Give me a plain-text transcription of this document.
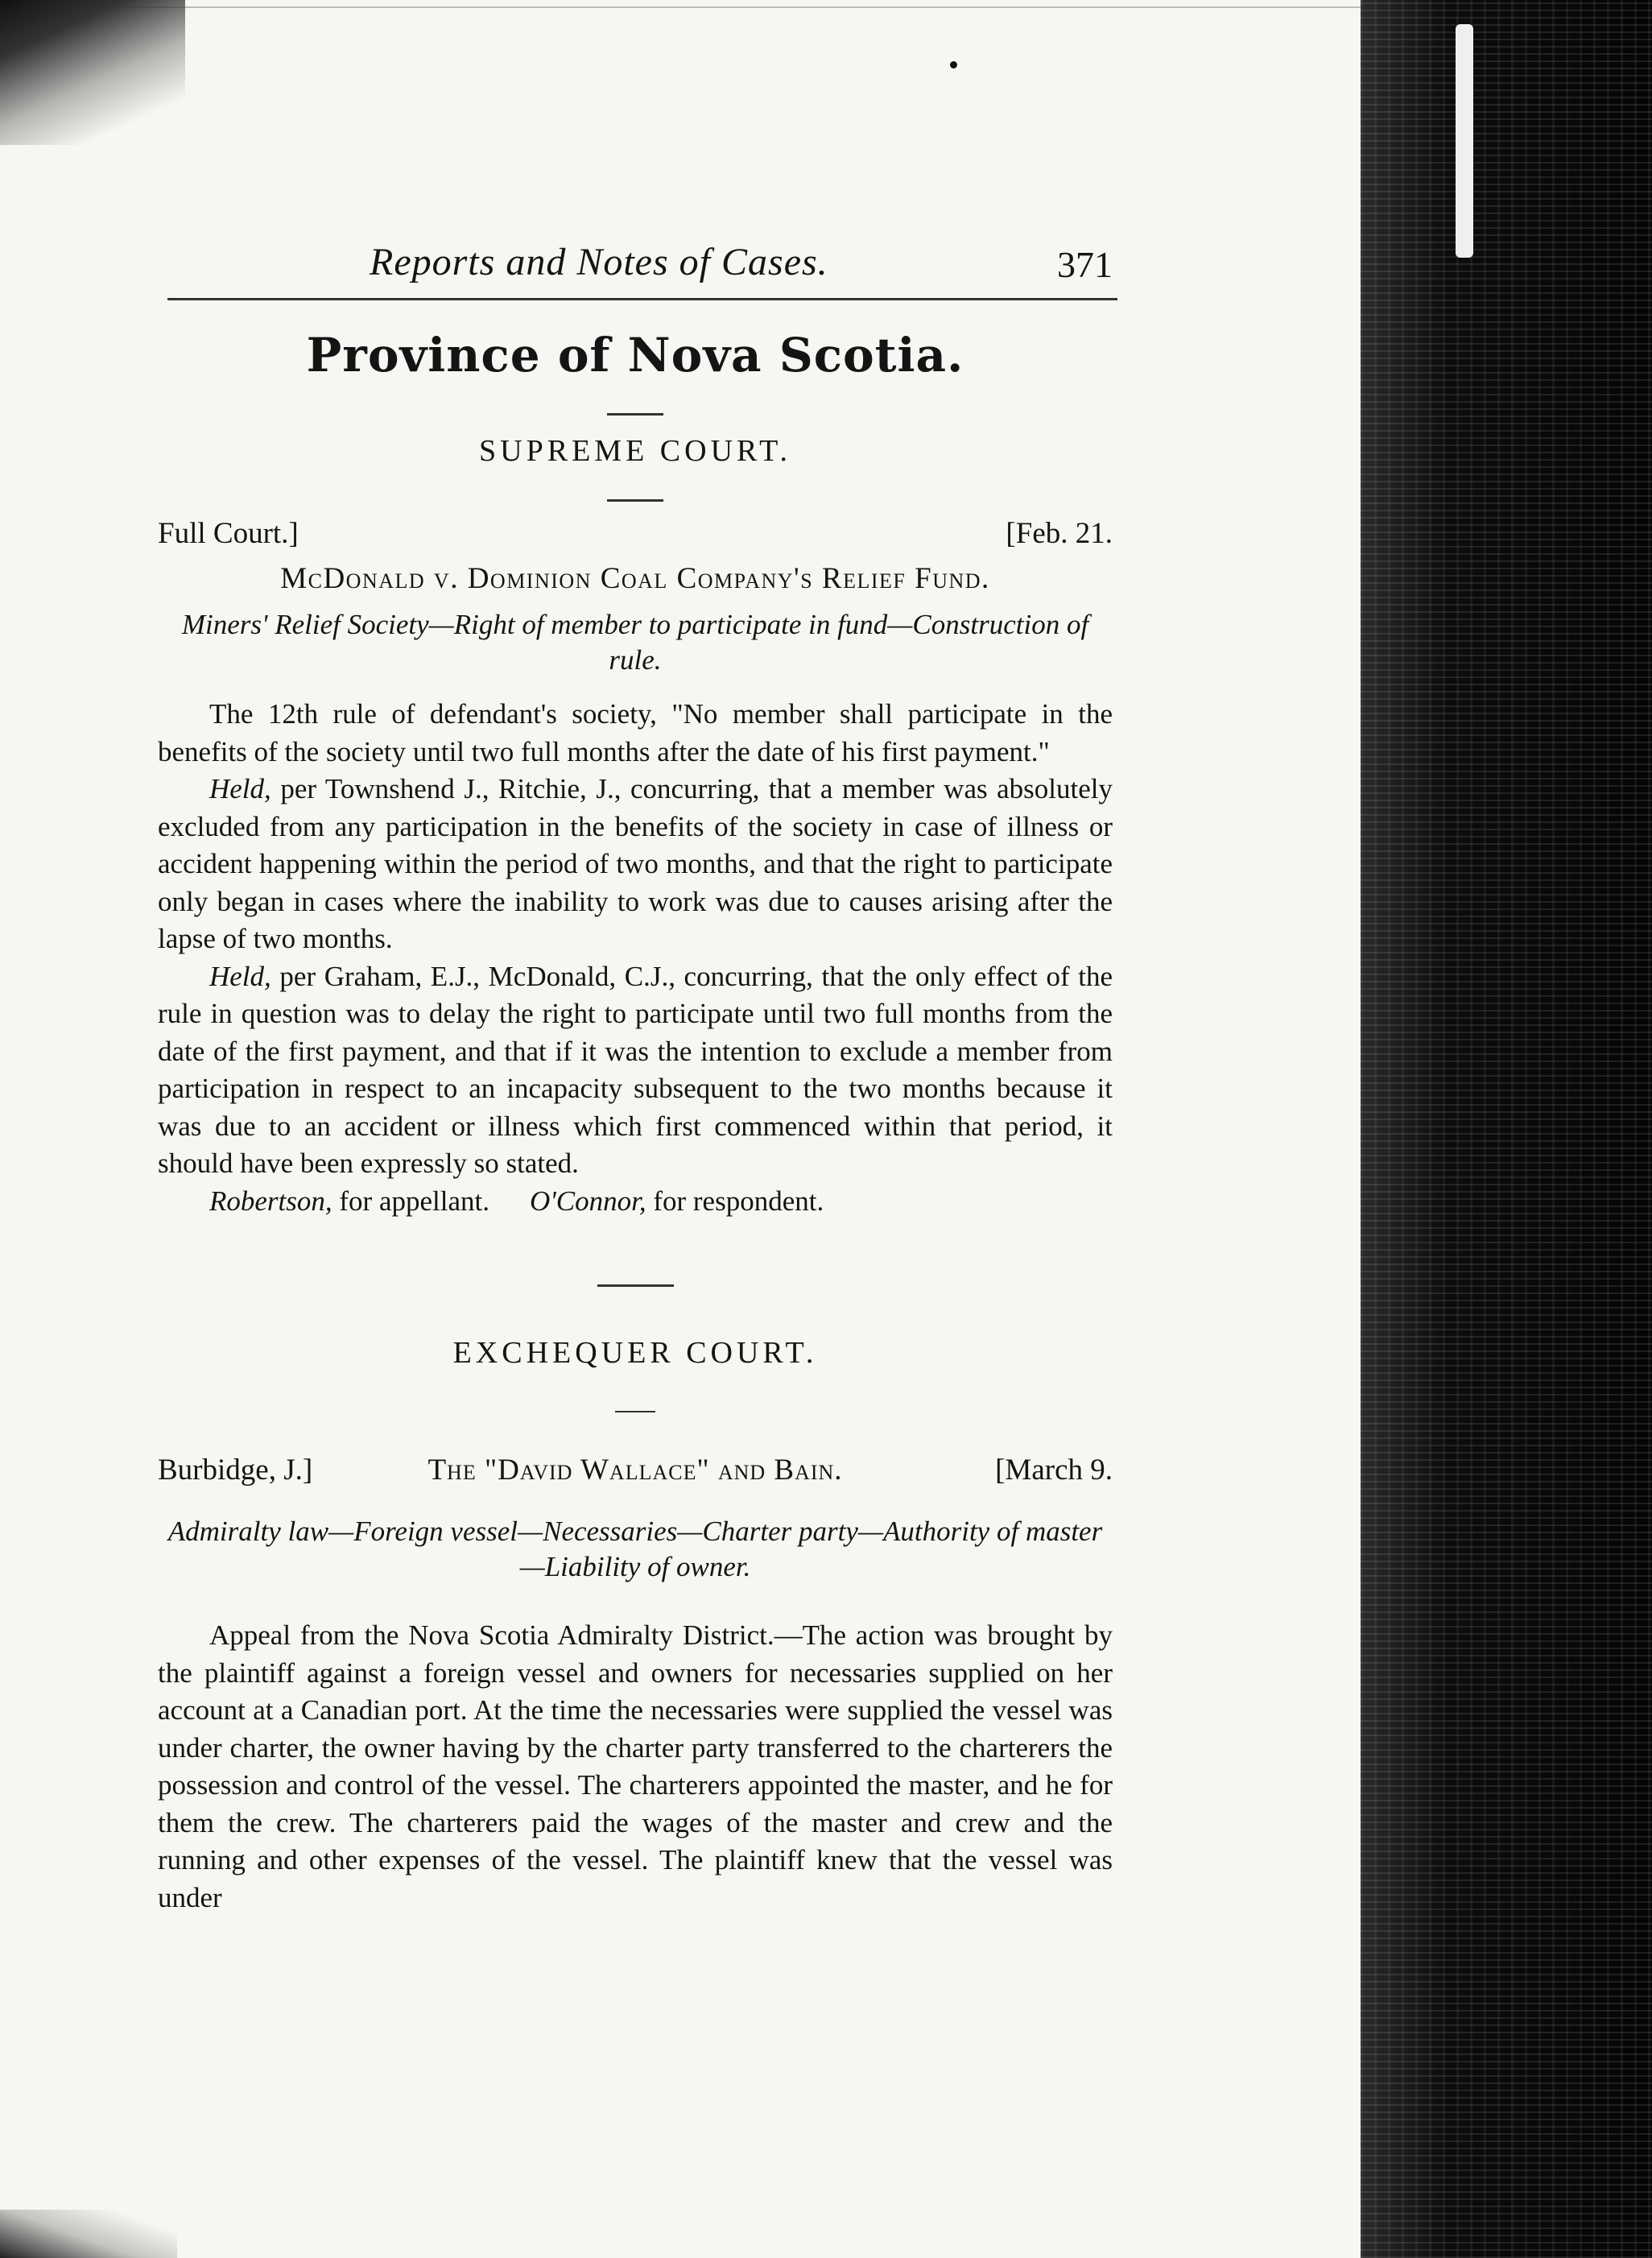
Reports and Notes of Cases.	371
Province of Nova Scotia.
SUPREME COURT.
Full Court.]	[Feb. 21.
McDonald v. Dominion Coal Company's Relief Fund.
Miners' Relief Society—Right of member to participate in fund—Construction of rule.

The 12th rule of defendant's society, "No member shall participate in the benefits of the society until two full months after the date of his first payment."

Held, per Townshend J., Ritchie, J., concurring, that a member was absolutely excluded from any participation in the benefits of the society in case of illness or accident happening within the period of two months, and that the right to participate only began in cases where the inability to work was due to causes arising after the lapse of two months.

Held, per Graham, E.J., McDonald, C.J., concurring, that the only effect of the rule in question was to delay the right to participate until two full months from the date of the first payment, and that if it was the intention to exclude a member from participation in respect to an incapacity subsequent to the two months because it was due to an accident or illness which first commenced within that period, it should have been expressly so stated.

Robertson, for appellant. O'Connor, for respondent.

EXCHEQUER COURT.
Burbidge, J.]	The "David Wallace" and Bain.	[March 9.
Admiralty law—Foreign vessel—Necessaries—Charter party—Authority of master—Liability of owner.

Appeal from the Nova Scotia Admiralty District.—The action was brought by the plaintiff against a foreign vessel and owners for necessaries supplied on her account at a Canadian port. At the time the necessaries were supplied the vessel was under charter, the owner having by the charter party transferred to the charterers the possession and control of the vessel. The charterers appointed the master, and he for them the crew. The charterers paid the wages of the master and crew and the running and other expenses of the vessel. The plaintiff knew that the vessel was under
